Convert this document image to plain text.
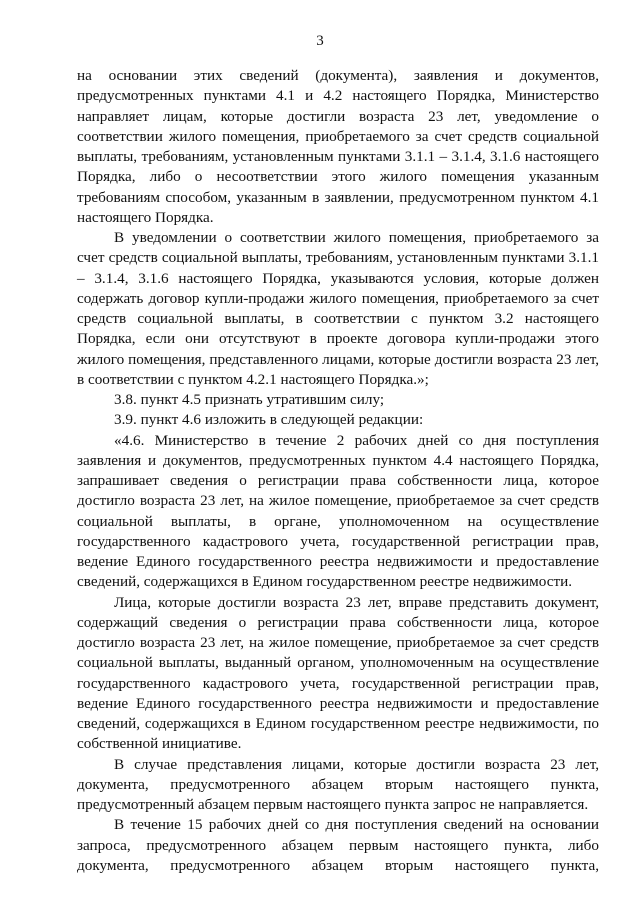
3

на основании этих сведений (документа), заявления и документов, предусмотренных пунктами 4.1 и 4.2 настоящего Порядка, Министерство направляет лицам, которые достигли возраста 23 лет, уведомление о соответствии жилого помещения, приобретаемого за счет средств социальной выплаты, требованиям, установленным пунктами 3.1.1 – 3.1.4, 3.1.6 настоящего Порядка, либо о несоответствии этого жилого помещения указанным требованиям способом, указанным в заявлении, предусмотренном пунктом 4.1 настоящего Порядка.

В уведомлении о соответствии жилого помещения, приобретаемого за счет средств социальной выплаты, требованиям, установленным пунктами 3.1.1 – 3.1.4, 3.1.6 настоящего Порядка, указываются условия, которые должен содержать договор купли-продажи жилого помещения, приобретаемого за счет средств социальной выплаты, в соответствии с пунктом 3.2 настоящего Порядка, если они отсутствуют в проекте договора купли-продажи этого жилого помещения, представленного лицами, которые достигли возраста 23 лет, в соответствии с пунктом 4.2.1 настоящего Порядка.»;

3.8. пункт 4.5 признать утратившим силу;

3.9. пункт 4.6 изложить в следующей редакции:

«4.6. Министерство в течение 2 рабочих дней со дня поступления заявления и документов, предусмотренных пунктом 4.4 настоящего Порядка, запрашивает сведения о регистрации права собственности лица, которое достигло возраста 23 лет, на жилое помещение, приобретаемое за счет средств социальной выплаты, в органе, уполномоченном на осуществление государственного кадастрового учета, государственной регистрации прав, ведение Единого государственного реестра недвижимости и предоставление сведений, содержащихся в Едином государственном реестре недвижимости.

Лица, которые достигли возраста 23 лет, вправе представить документ, содержащий сведения о регистрации права собственности лица, которое достигло возраста 23 лет, на жилое помещение, приобретаемое за счет средств социальной выплаты, выданный органом, уполномоченным на осуществление государственного кадастрового учета, государственной регистрации прав, ведение Единого государственного реестра недвижимости и предоставление сведений, содержащихся в Едином государственном реестре недвижимости, по собственной инициативе.

В случае представления лицами, которые достигли возраста 23 лет, документа, предусмотренного абзацем вторым настоящего пункта, предусмотренный абзацем первым настоящего пункта запрос не направляется.

В течение 15 рабочих дней со дня поступления сведений на основании запроса, предусмотренного абзацем первым настоящего пункта, либо документа, предусмотренного абзацем вторым настоящего пункта,
